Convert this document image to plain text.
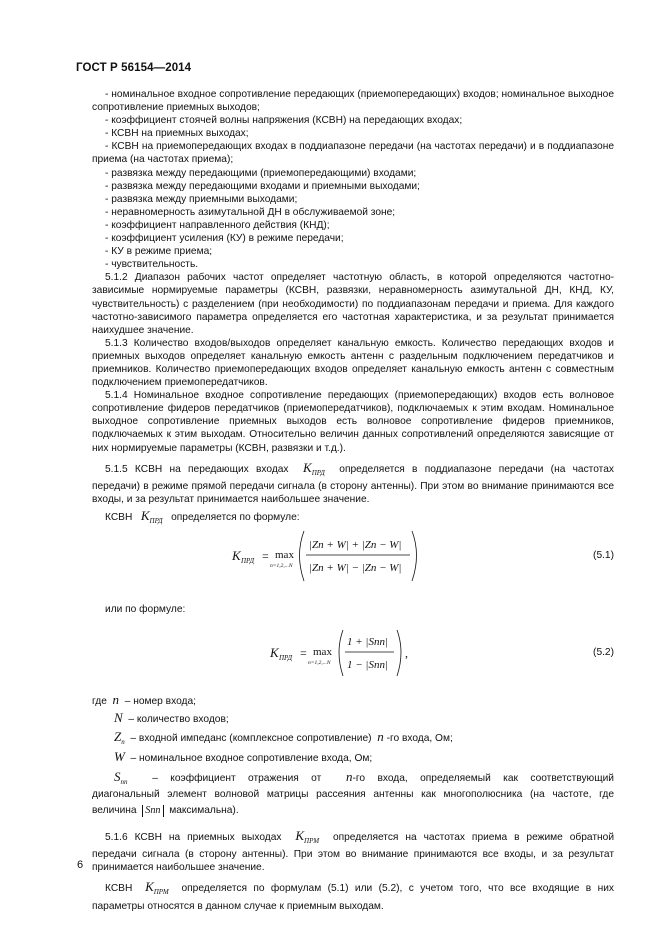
ГОСТ Р 56154—2014

- номинальное входное сопротивление передающих (приемопередающих) входов; номинальное выходное сопротивление приемных выходов;

- коэффициент стоячей волны напряжения (КСВН) на передающих входах;

- КСВН на приемных выходах;

- КСВН на приемопередающих входах в поддиапазоне передачи (на частотах передачи) и в поддиапазоне приема (на частотах приема);

- развязка между передающими (приемопередающими) входами;

- развязка между передающими входами и приемными выходами;

- развязка между приемными выходами;

- неравномерность азимутальной ДН в обслуживаемой зоне;

- коэффициент направленного действия (КНД);

- коэффициент усиления (КУ) в режиме передачи;

- КУ в режиме приема;

- чувствительность.

5.1.2 Диапазон рабочих частот определяет частотную область, в которой определяются частотно-зависимые нормируемые параметры (КСВН, развязки, неравномерность азимутальной ДН, КНД, КУ, чувствительность) с разделением (при необходимости) по поддиапазонам передачи и приема. Для каждого частотно-зависимого параметра определяется его частотная характеристика, и за результат принимается наихудшее значение.

5.1.3 Количество входов/выходов определяет канальную емкость. Количество передающих входов и приемных выходов определяет канальную емкость антенн с раздельным подключением передатчиков и приемников. Количество приемопередающих входов определяет канальную емкость антенн с совместным подключением приемопередатчиков.

5.1.4 Номинальное входное сопротивление передающих (приемопередающих) входов есть волновое сопротивление фидеров передатчиков (приемопередатчиков), подключаемых к этим входам. Номинальное выходное сопротивление приемных выходов есть волновое сопротивление фидеров приемников, подключаемых к этим выходам. Относительно величин данных сопротивлений определяются зависящие от них нормируемые параметры (КСВН, развязки и т.д.).

5.1.5 КСВН на передающих входах $K_{ПРД}$ определяется в поддиапазоне передачи (на частотах

передачи) в режиме прямой передачи сигнала (в сторону антенны). При этом во внимание принимаются все входы, и за результат принимается наибольшее значение.

КСВН $K_{ПРД}$ определяется по формуле:

K ПРД = max
n=1,2,...N
|Zn + W| + |Zn − W|
|Zn + W| − |Zn − W|
(5.1)

или по формуле:

K ПРД = max
n=1,2,...N
1 + |Snn|
1 − |Snn|
,	(5.2)

где n – номер входа;

N – количество входов;

$Z_n$ – входной импеданс (комплексное сопротивление) n -го входа, Ом;

W – номинальное входное сопротивление входа, Ом;

$S_{nn}$ – коэффициент отражения от n-го входа, определяемый как соответствующий

диагональный элемент волновой матрицы рассеяния антенны как многополюсника (на частоте, где

величина Snn максимальна).

5.1.6 КСВН на приемных выходах $K_{ПРМ}$ определяется на частотах приема в режиме обратной

передачи сигнала (в сторону антенны). При этом во внимание принимаются все входы, и за результат принимается наибольшее значение.

КСВН $K_{ПРМ}$ определяется по формулам (5.1) или (5.2), с учетом того, что все входящие в них

параметры относятся в данном случае к приемным выходам.

6
